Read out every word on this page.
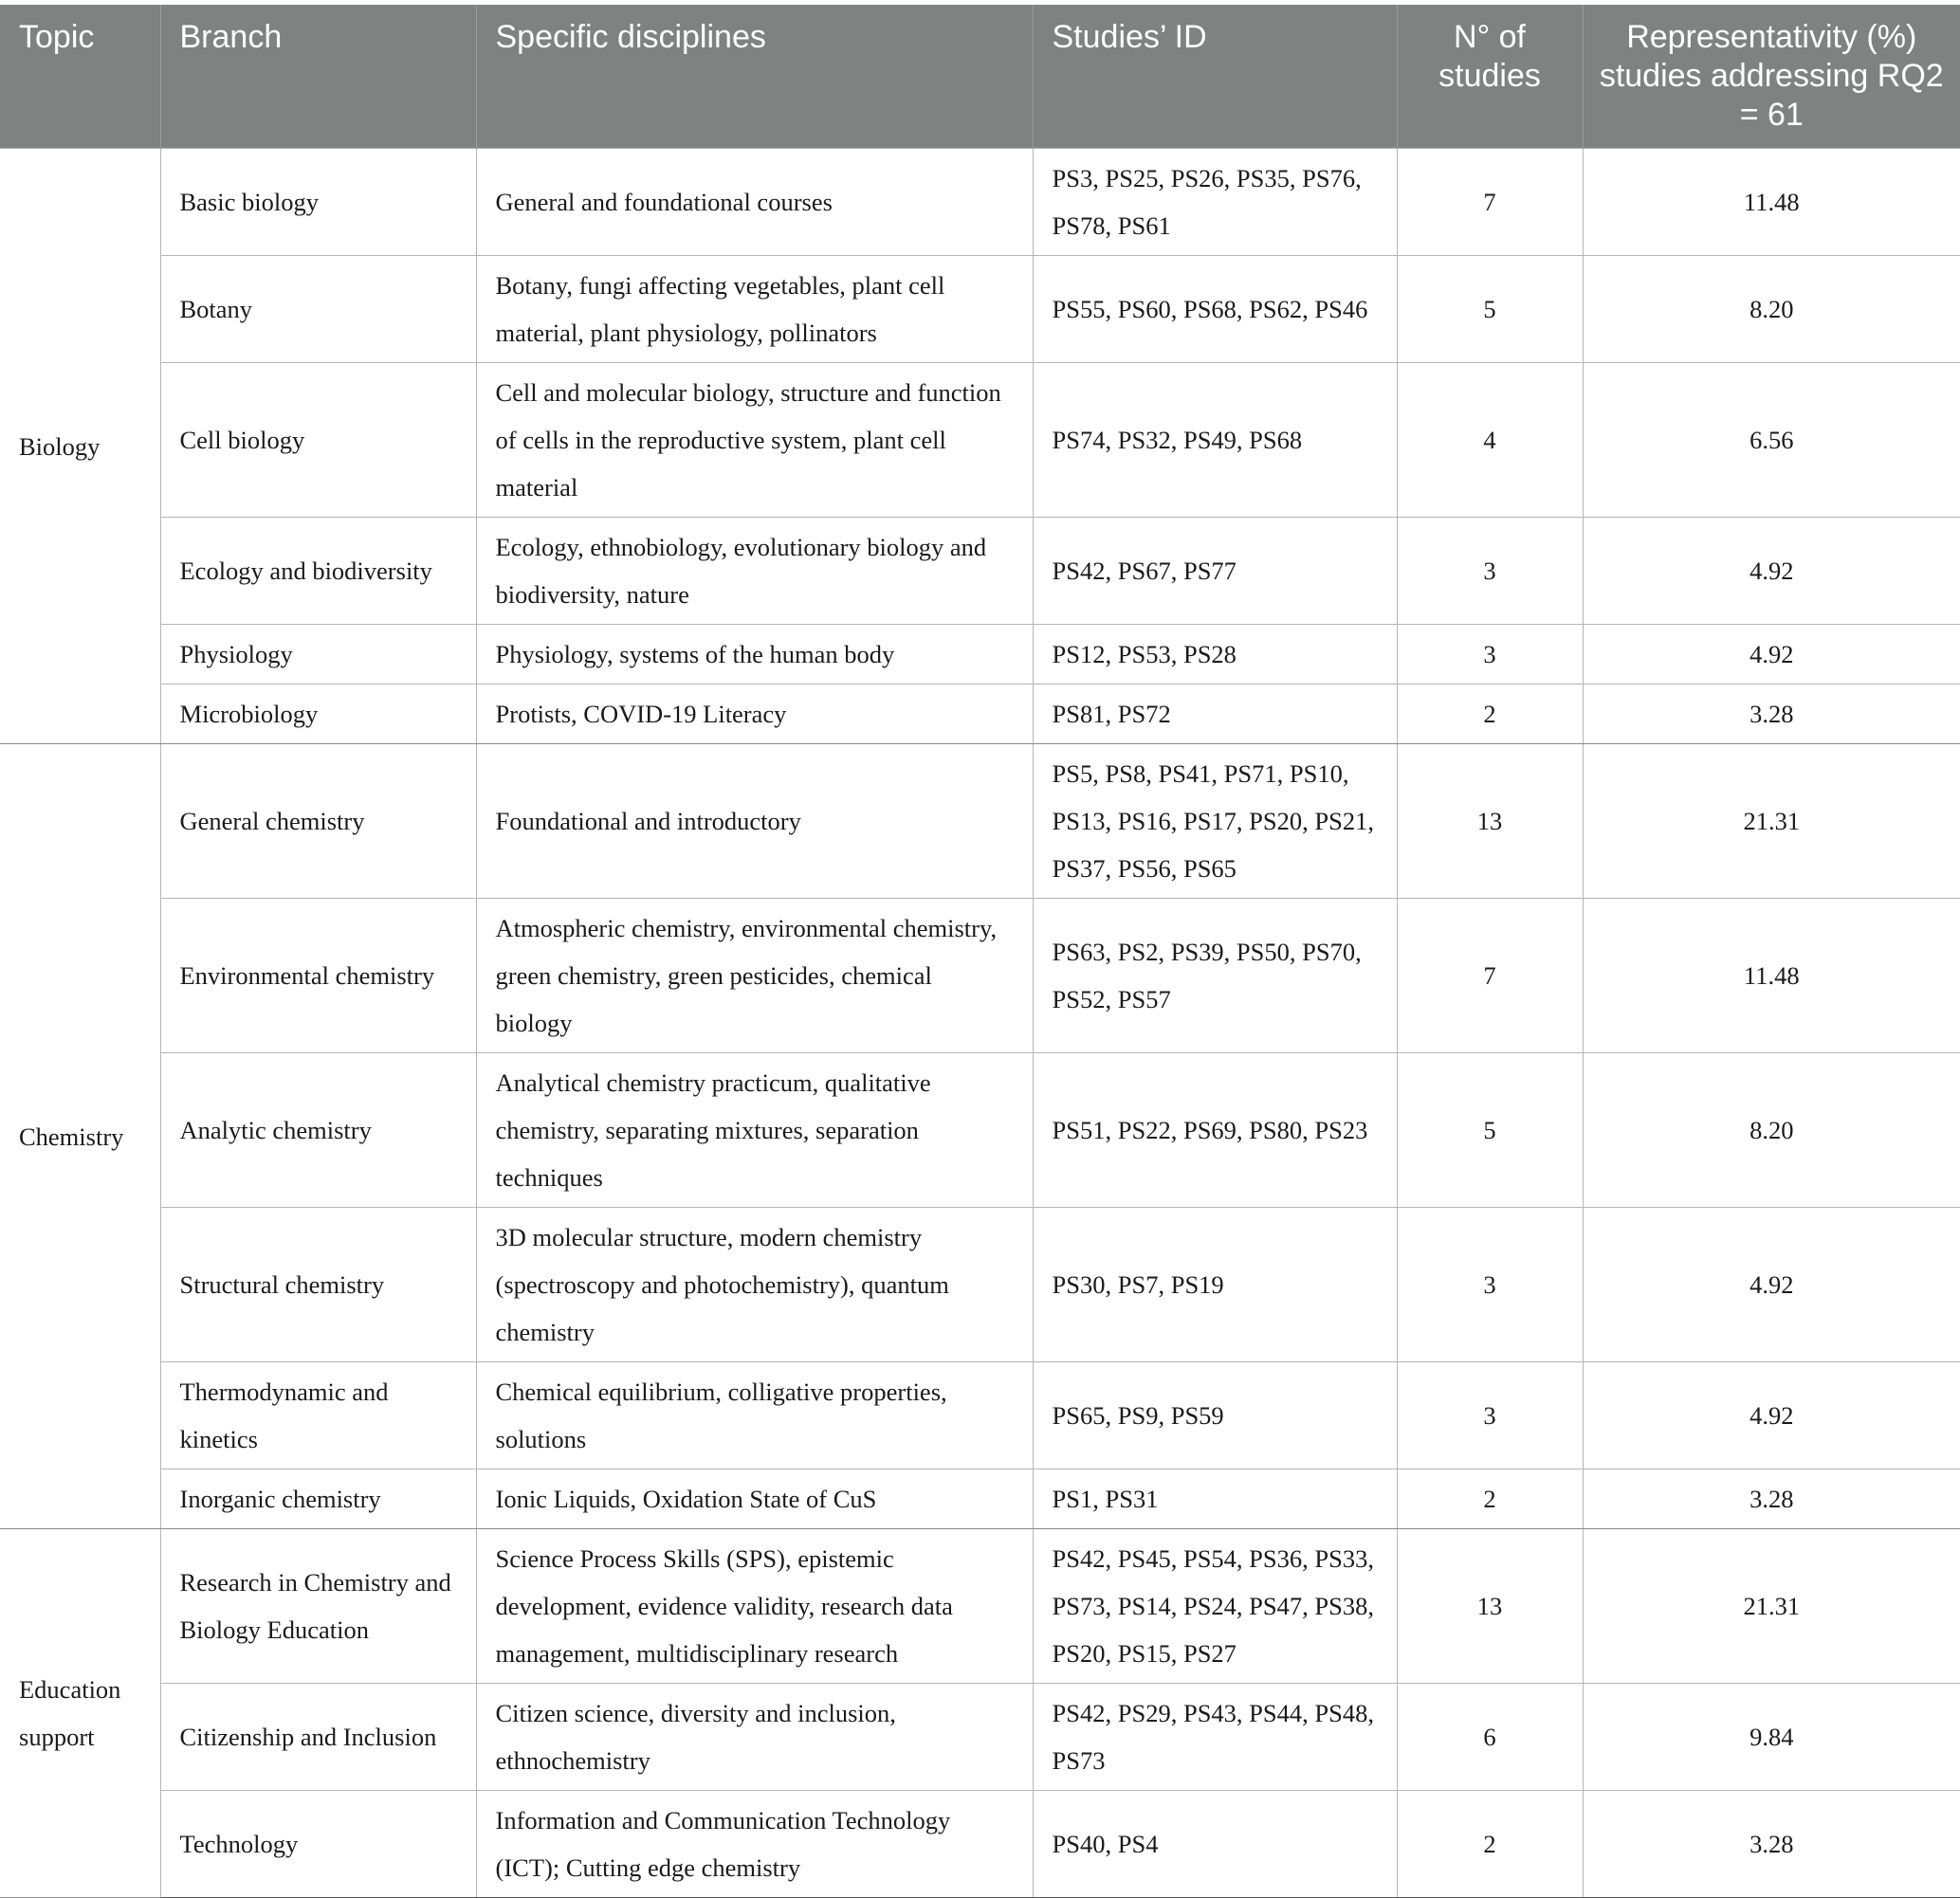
Topic	Branch	Specific disciplines	Studies’ ID	N° of studies	Representativity (%) studies addressing RQ2 = 61
Biology	Basic biology	General and foundational courses	PS3, PS25, PS26, PS35, PS76, PS78, PS61	7	11.48
	Botany	Botany, fungi affecting vegetables, plant cell material, plant physiology, pollinators	PS55, PS60, PS68, PS62, PS46	5	8.20
	Cell biology	Cell and molecular biology, structure and function of cells in the reproductive system, plant cell material	PS74, PS32, PS49, PS68	4	6.56
	Ecology and biodiversity	Ecology, ethnobiology, evolutionary biology and biodiversity, nature	PS42, PS67, PS77	3	4.92
	Physiology	Physiology, systems of the human body	PS12, PS53, PS28	3	4.92
	Microbiology	Protists, COVID-19 Literacy	PS81, PS72	2	3.28
Chemistry	General chemistry	Foundational and introductory	PS5, PS8, PS41, PS71, PS10, PS13, PS16, PS17, PS20, PS21, PS37, PS56, PS65	13	21.31
	Environmental chemistry	Atmospheric chemistry, environmental chemistry, green chemistry, green pesticides, chemical biology	PS63, PS2, PS39, PS50, PS70, PS52, PS57	7	11.48
	Analytic chemistry	Analytical chemistry practicum, qualitative chemistry, separating mixtures, separation techniques	PS51, PS22, PS69, PS80, PS23	5	8.20
	Structural chemistry	3D molecular structure, modern chemistry (spectroscopy and photochemistry), quantum chemistry	PS30, PS7, PS19	3	4.92
	Thermodynamic and kinetics	Chemical equilibrium, colligative properties, solutions	PS65, PS9, PS59	3	4.92
	Inorganic chemistry	Ionic Liquids, Oxidation State of CuS	PS1, PS31	2	3.28
Education support	Research in Chemistry and Biology Education	Science Process Skills (SPS), epistemic development, evidence validity, research data management, multidisciplinary research	PS42, PS45, PS54, PS36, PS33, PS73, PS14, PS24, PS47, PS38, PS20, PS15, PS27	13	21.31
	Citizenship and Inclusion	Citizen science, diversity and inclusion, ethnochemistry	PS42, PS29, PS43, PS44, PS48, PS73	6	9.84
	Technology	Information and Communication Technology (ICT); Cutting edge chemistry	PS40, PS4	2	3.28
